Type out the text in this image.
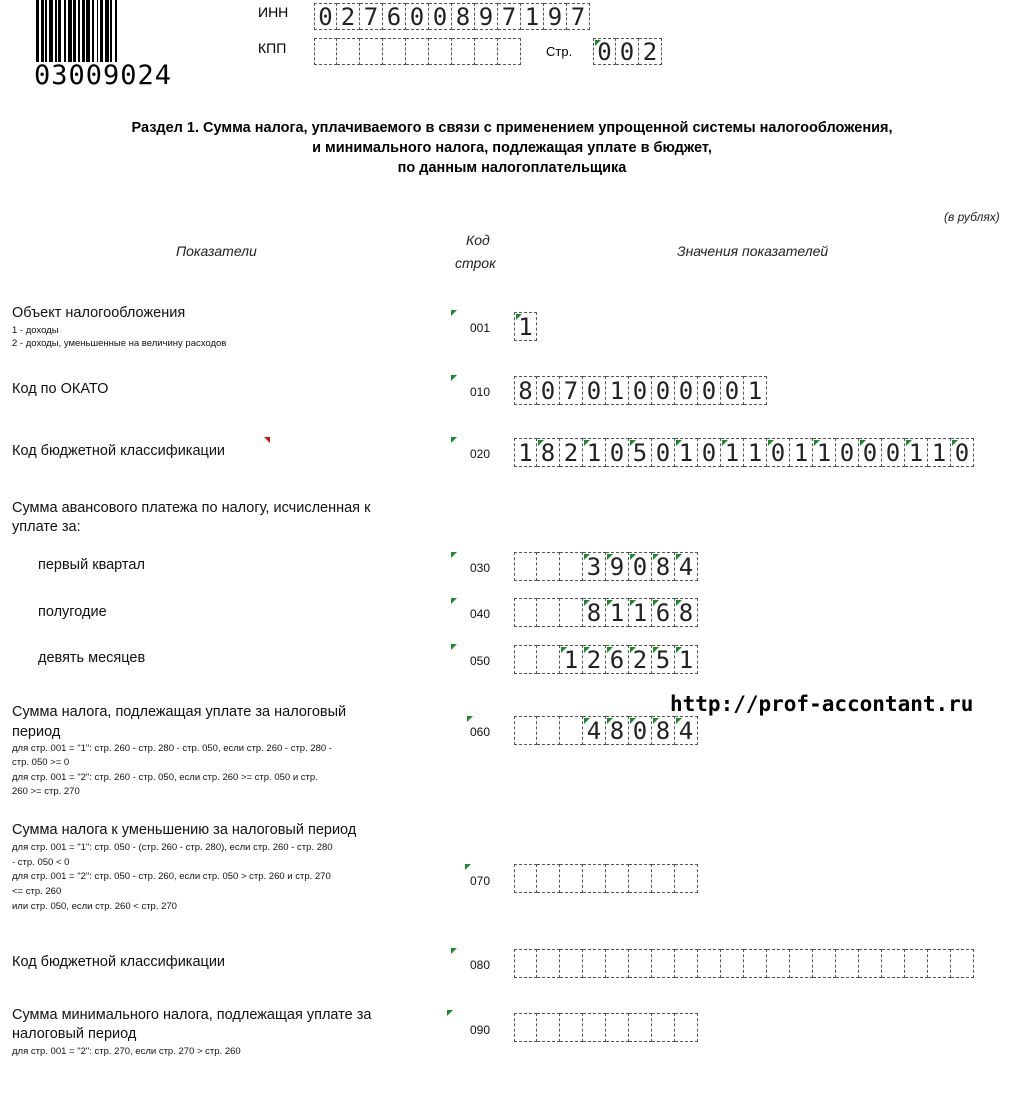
03009024
ИНН 0 2 7 6 0 0 8 9 7 1 9 7
КПП	Стр. 0 0 2
Раздел 1. Сумма налога, уплачиваемого в связи с применением упрощенной системы налогообложения,
и минимального налога, подлежащая уплате в бюджет,
по данным налогоплательщика
(в рублях)
Показатели
Код
строк
Значения показателей
Объект налогообложения
1 - доходы
2 - доходы, уменьшенные на величину расходов
001 1
Код по ОКАТО	010 8 0 7 0 1 0 0 0 0 0 1
Код бюджетной классификации	020 1 8 2 1 0 5 0 1 0 1 1 0 1 1 0 0 0 1 1 0
Сумма авансового платежа по налогу, исчисленная к
уплате за:
первый квартал	030	3 9 0 8 4
полугодие	040	8 1 1 6 8
девять месяцев	050	1 2 6 2 5 1
Сумма налога, подлежащая уплате за налоговый
период
для стр. 001 = "1": стр. 260 - стр. 280 - стр. 050, если стр. 260 - стр. 280 -
стр. 050 >= 0
для стр. 001 = "2": стр. 260 - стр. 050, если стр. 260 >= стр. 050 и стр.
260 >= стр. 270
060	4 8 0 8 4
Сумма налога к уменьшению за налоговый период
для стр. 001 = "1": стр. 050 - (стр. 260 - стр. 280), если стр. 260 - стр. 280
- стр. 050 < 0
для стр. 001 = "2": стр. 050 - стр. 260, если стр. 050 > стр. 260 и стр. 270
<= стр. 260
или стр. 050, если стр. 260 < стр. 270
070
Код бюджетной классификации	080
Сумма минимального налога, подлежащая уплате за
налоговый период
для стр. 001 = "2": стр. 270, если стр. 270 > стр. 260
090
http://prof-accontant.ru
